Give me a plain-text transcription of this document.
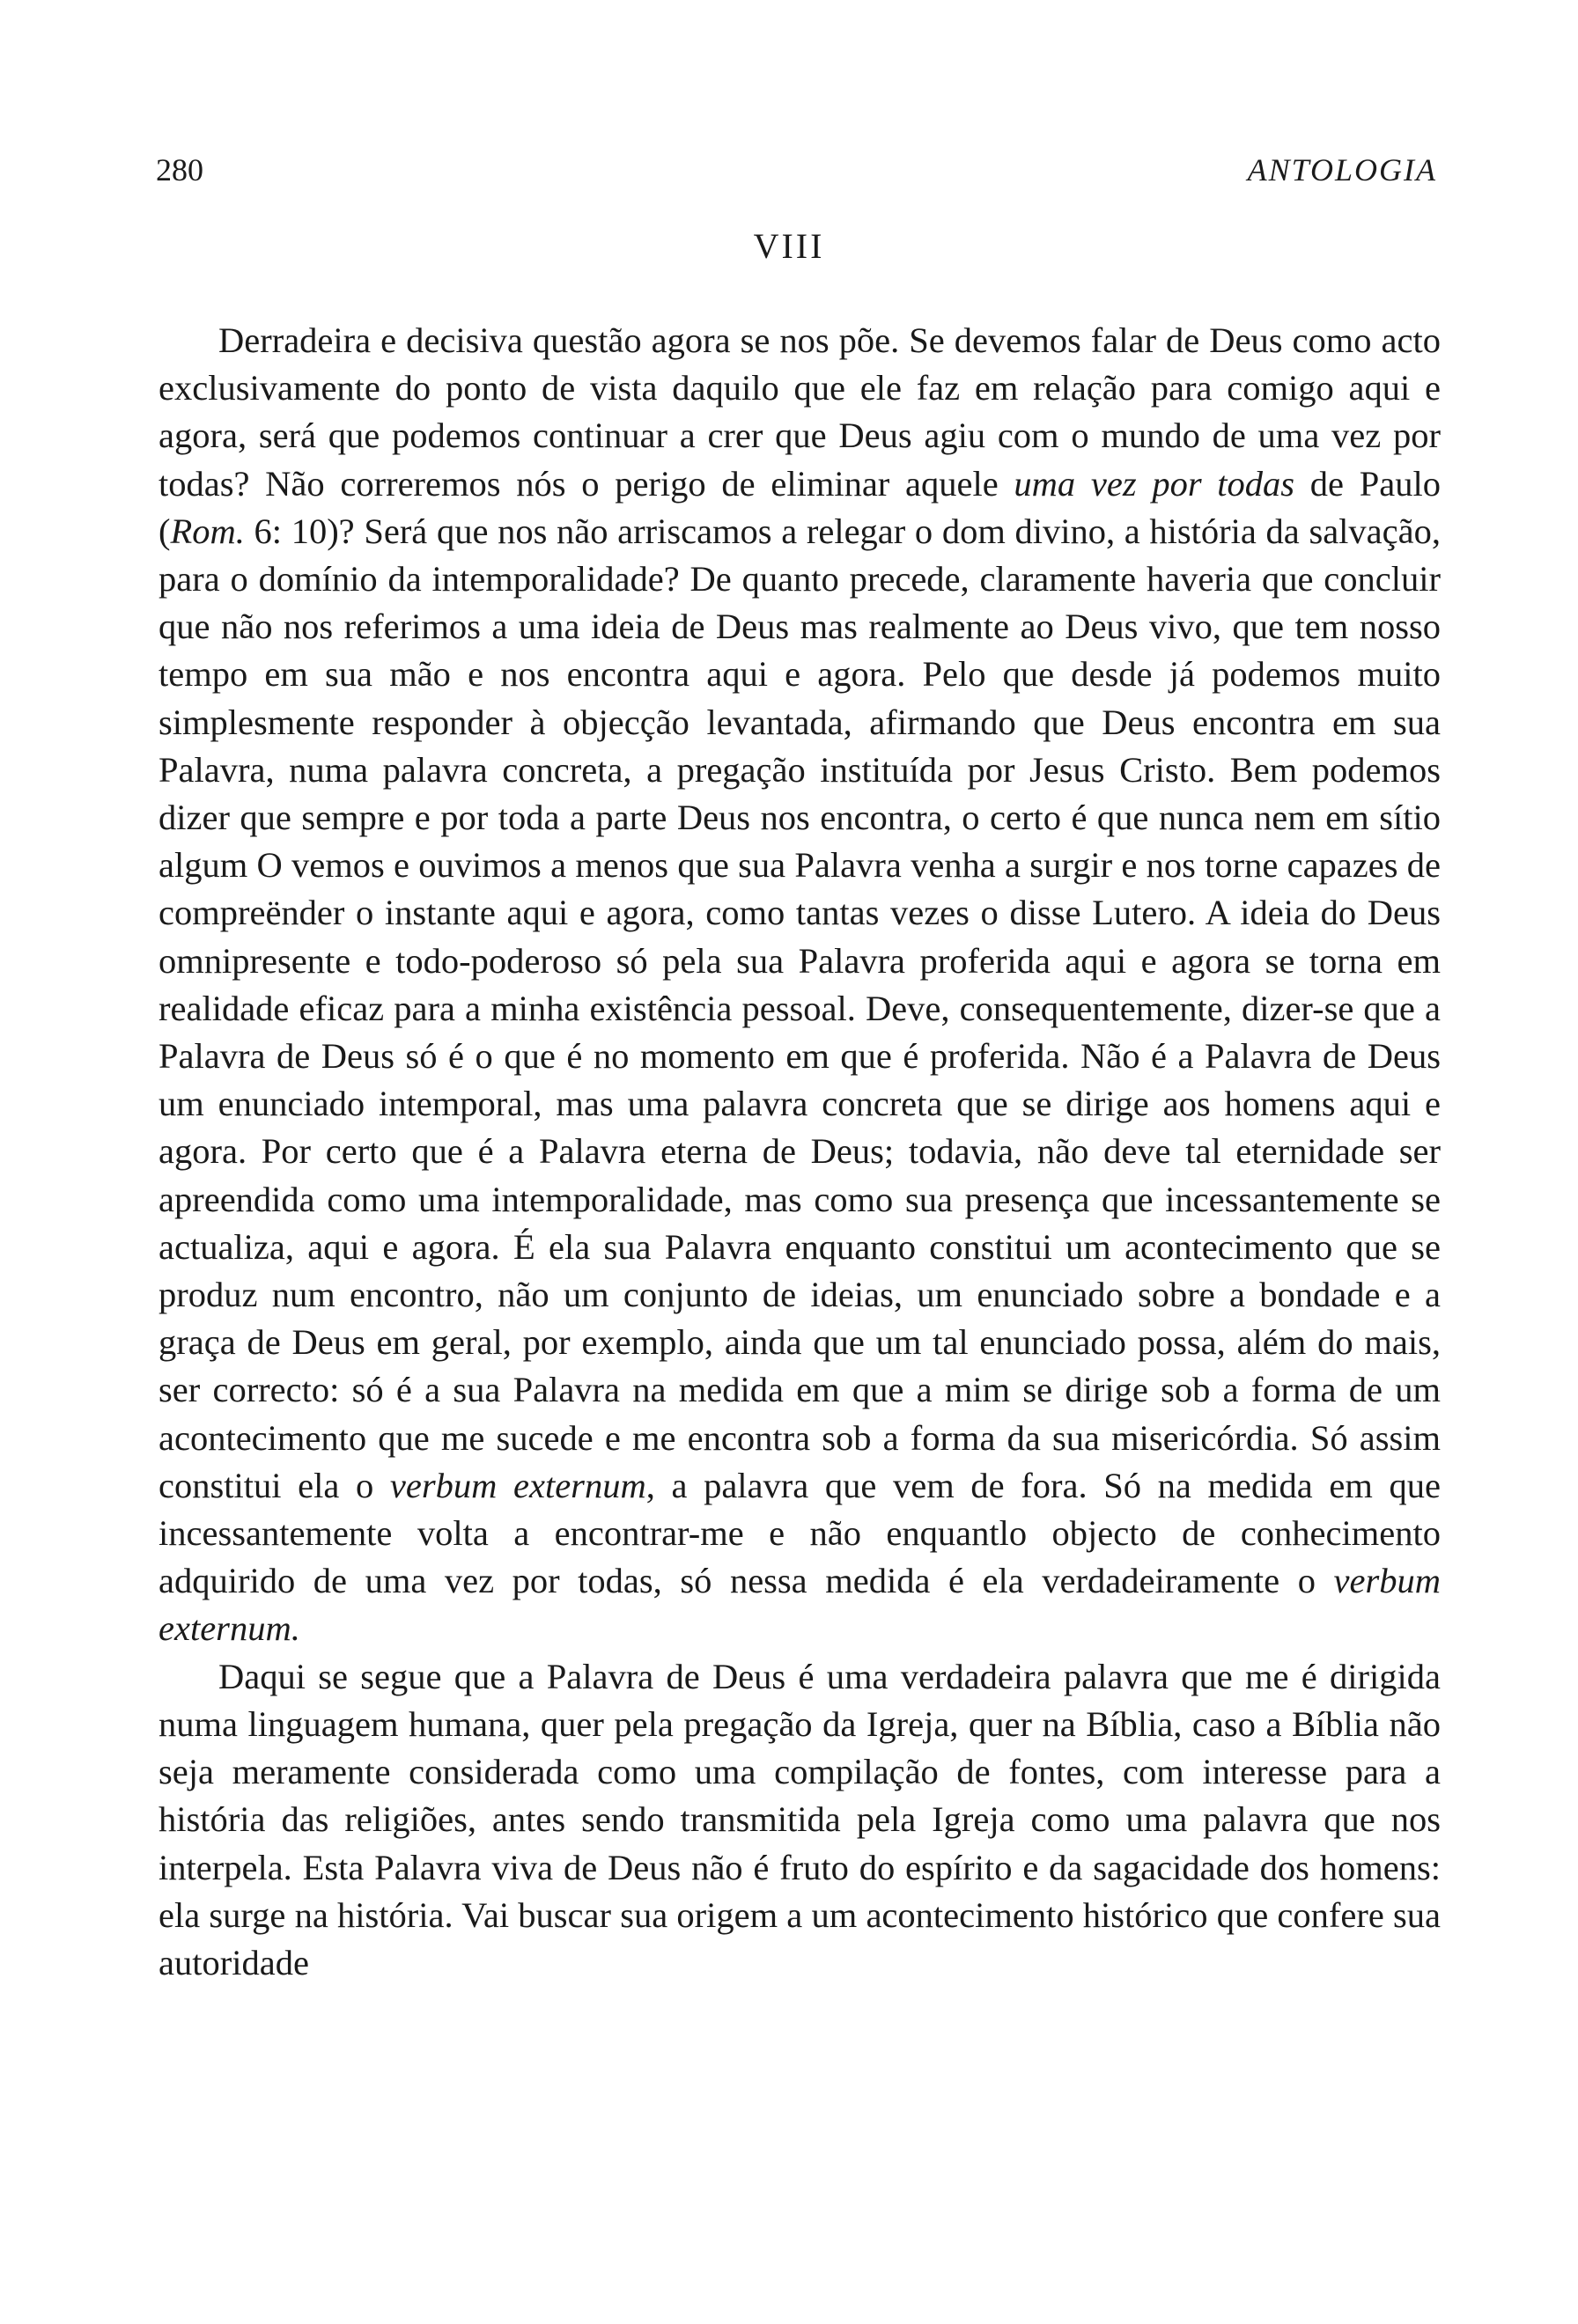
280	ANTOLOGIA
VIII

Derradeira e decisiva questão agora se nos põe. Se devemos falar de Deus como acto exclusivamente do ponto de vista daquilo que ele faz em relação para comigo aqui e agora, será que podemos continuar a crer que Deus agiu com o mundo de uma vez por todas? Não correremos nós o perigo de eliminar aquele uma vez por todas de Paulo (Rom. 6: 10)? Será que nos não arriscamos a relegar o dom divino, a história da salvação, para o domínio da intemporalidade? De quanto precede, claramente haveria que concluir que não nos referimos a uma ideia de Deus mas realmente ao Deus vivo, que tem nosso tempo em sua mão e nos encontra aqui e agora. Pelo que desde já podemos muito simplesmente responder à objecção levantada, afirmando que Deus encontra em sua Palavra, numa palavra concreta, a pregação instituída por Jesus Cristo. Bem podemos dizer que sempre e por toda a parte Deus nos encontra, o certo é que nunca nem em sítio algum O vemos e ouvimos a menos que sua Palavra venha a surgir e nos torne capazes de compreënder o instante aqui e agora, como tantas vezes o disse Lutero. A ideia do Deus omnipresente e todo-poderoso só pela sua Palavra proferida aqui e agora se torna em realidade eficaz para a minha existência pessoal. Deve, consequentemente, dizer-se que a Palavra de Deus só é o que é no momento em que é proferida. Não é a Palavra de Deus um enunciado intemporal, mas uma palavra concreta que se dirige aos homens aqui e agora. Por certo que é a Palavra eterna de Deus; todavia, não deve tal eternidade ser apreendida como uma intemporalidade, mas como sua presença que incessantemente se actualiza, aqui e agora. É ela sua Palavra enquanto constitui um acontecimento que se produz num encontro, não um conjunto de ideias, um enunciado sobre a bondade e a graça de Deus em geral, por exemplo, ainda que um tal enunciado possa, além do mais, ser correcto: só é a sua Palavra na medida em que a mim se dirige sob a forma de um acontecimento que me sucede e me encontra sob a forma da sua misericórdia. Só assim constitui ela o verbum externum, a palavra que vem de fora. Só na medida em que incessantemente volta a encontrar-me e não enquantlo objecto de conhecimento adquirido de uma vez por todas, só nessa medida é ela verdadeiramente o verbum externum.

Daqui se segue que a Palavra de Deus é uma verdadeira palavra que me é dirigida numa linguagem humana, quer pela pregação da Igreja, quer na Bíblia, caso a Bíblia não seja meramente considerada como uma compilação de fontes, com interesse para a história das religiões, antes sendo transmitida pela Igreja como uma palavra que nos interpela. Esta Palavra viva de Deus não é fruto do espírito e da sagacidade dos homens: ela surge na história. Vai buscar sua origem a um acontecimento histórico que confere sua autoridade
